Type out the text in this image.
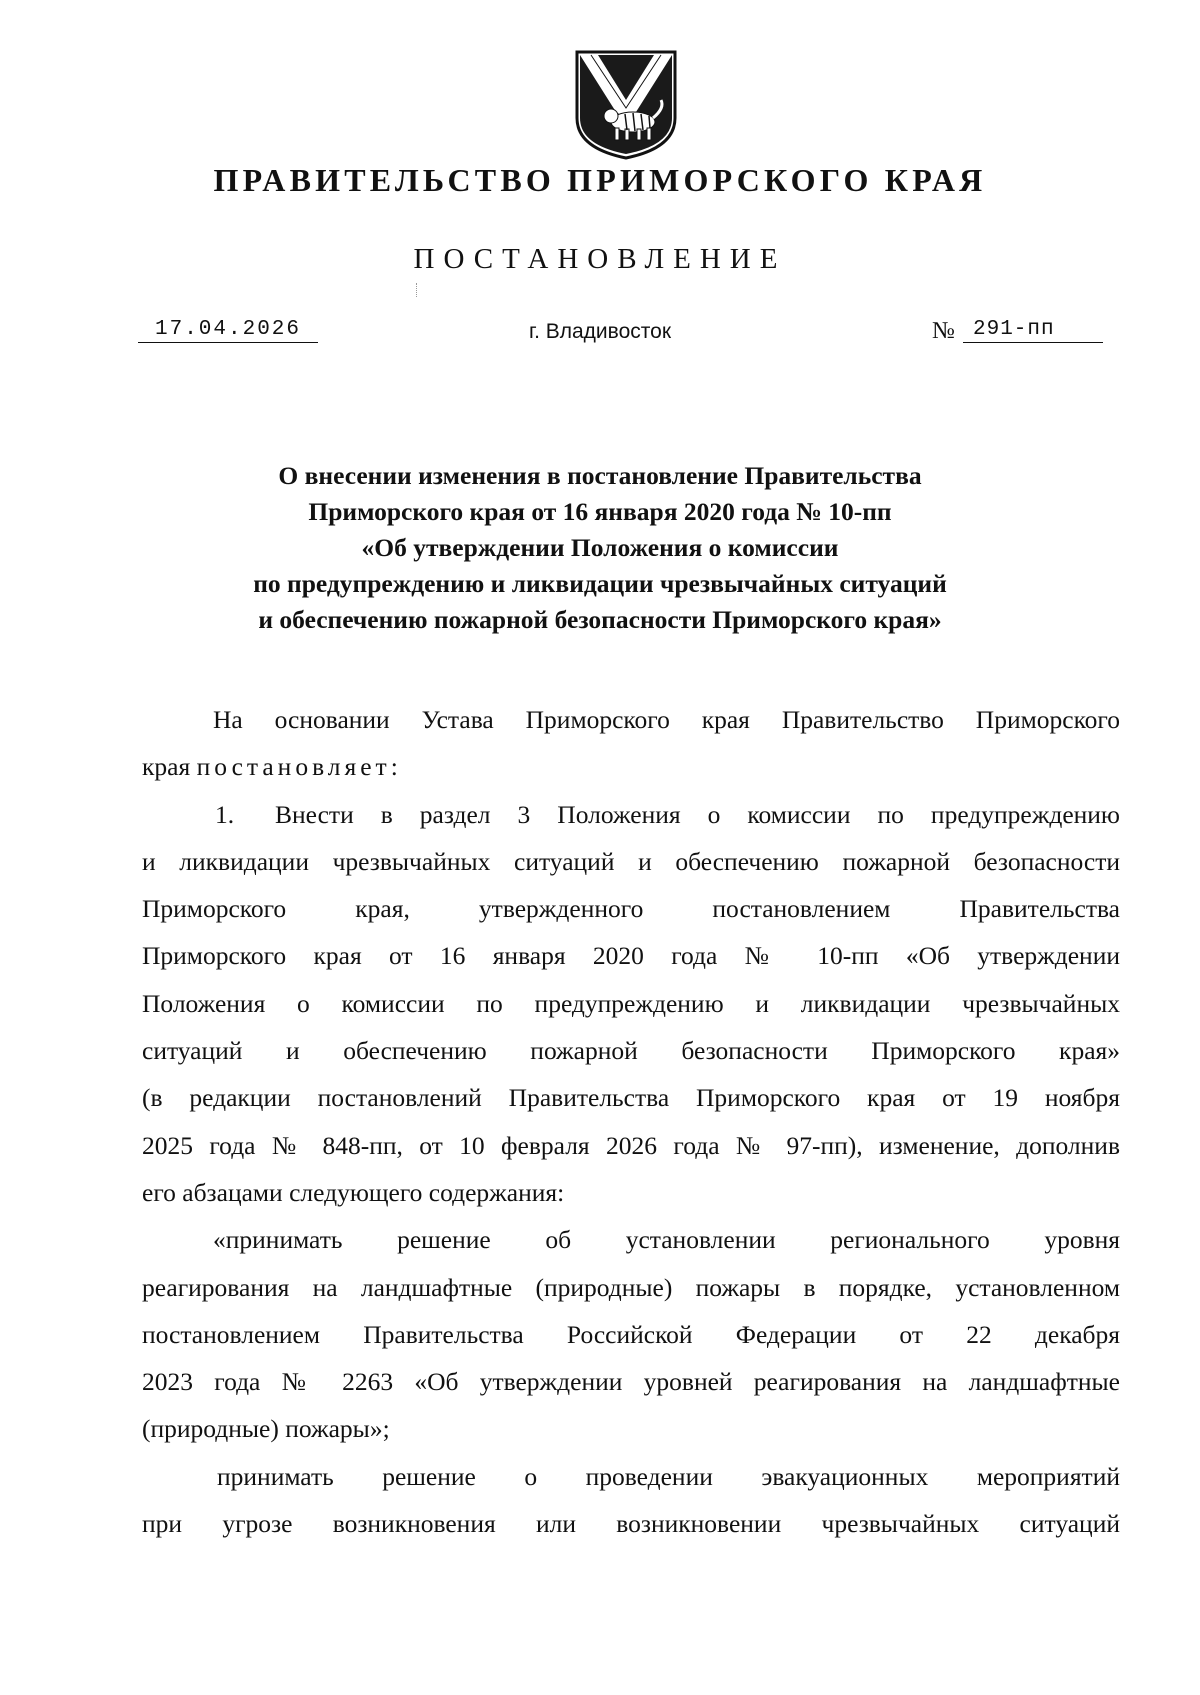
ПРАВИТЕЛЬСТВО ПРИМОРСКОГО КРАЯ
ПОСТАНОВЛЕНИЕ
17.04.2026	г. Владивосток	№ 291-пп
О внесении изменения в постановление Правительства
Приморского края от 16 января 2020 года № 10-пп
«Об утверждении Положения о комиссии
по предупреждению и ликвидации чрезвычайных ситуаций
и обеспечению пожарной безопасности Приморского края»
На основании Устава Приморского края Правительство Приморского
края постановляет:
1.	Внести в раздел 3 Положения о комиссии по предупреждению
и ликвидации чрезвычайных ситуаций и обеспечению пожарной безопасности
Приморского края, утвержденного постановлением Правительства
Приморского края от 16 января 2020 года № 10-пп «Об утверждении
Положения о комиссии по предупреждению и ликвидации чрезвычайных
ситуаций и обеспечению пожарной безопасности Приморского края»
(в редакции постановлений Правительства Приморского края от 19 ноября
2025 года № 848-пп, от 10 февраля 2026 года № 97-пп), изменение, дополнив
его абзацами следующего содержания:
«принимать решение об установлении регионального уровня
реагирования на ландшафтные (природные) пожары в порядке, установленном
постановлением Правительства Российской Федерации от 22 декабря
2023 года № 2263 «Об утверждении уровней реагирования на ландшафтные
(природные) пожары»;
принимать решение о проведении эвакуационных мероприятий
при угрозе возникновения или возникновении чрезвычайных ситуаций
